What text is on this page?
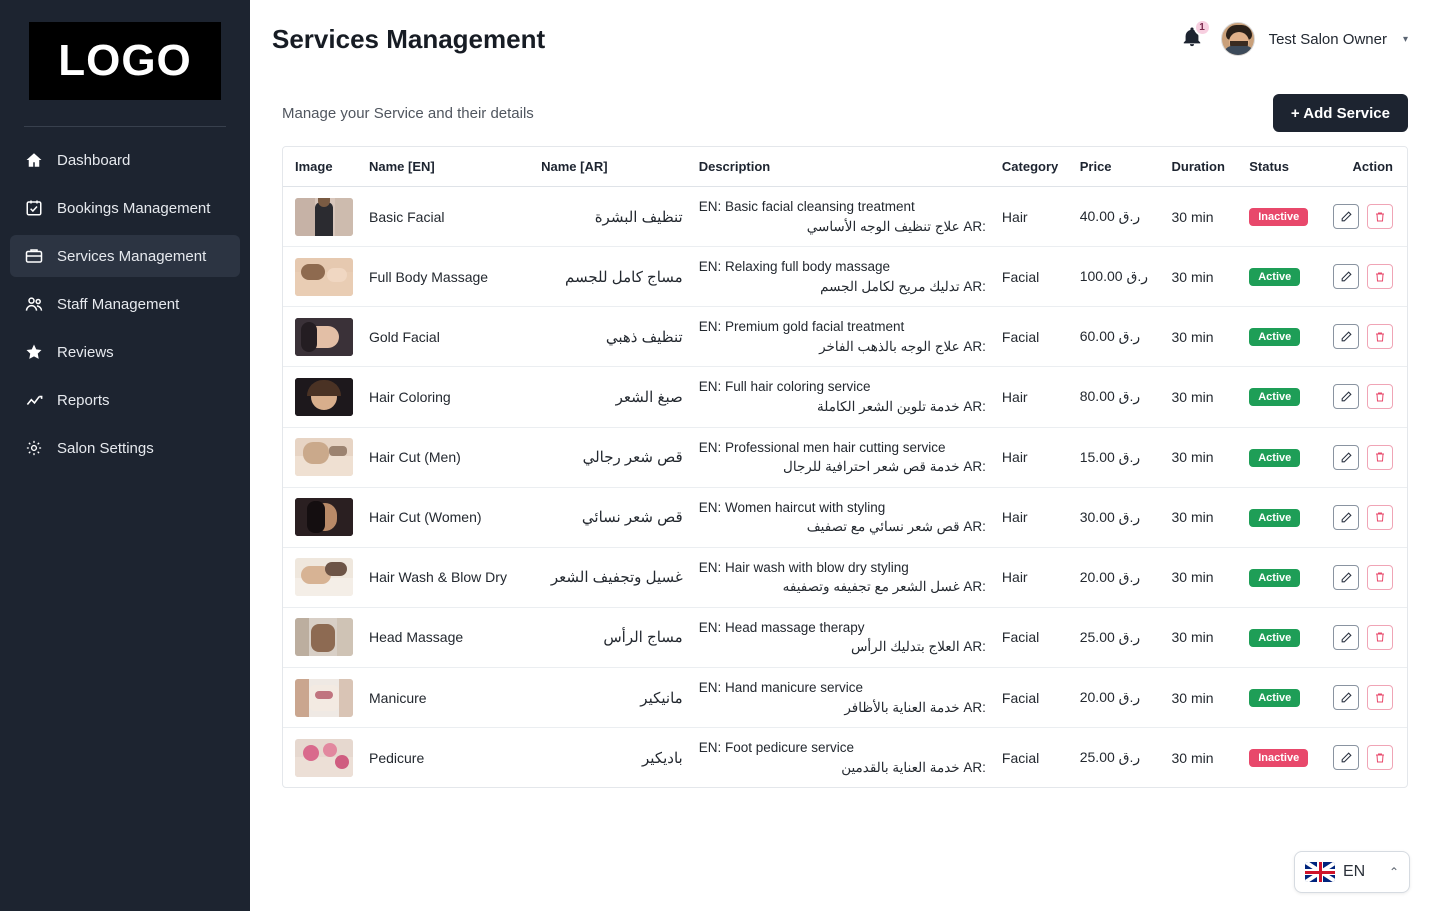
LOGO
Dashboard
Bookings Management
Services Management
Staff Management
Reviews
Reports
Salon Settings
Services Management	1
Test Salon Owner ▾
Manage your Service and their details	+ Add Service
Image	Name [EN]	Name [AR]	Description	Category	Price	Duration	Status	Action

	Basic Facial	تنظيف البشرة	EN: Basic facial cleansing treatment
AR: علاج تنظيف الوجه الأساسي	Hair	40.00 ر.ق	30 min	Inactive	

	Full Body Massage	مساج كامل للجسم	EN: Relaxing full body massage
AR: تدليك مريح لكامل الجسم	Facial	100.00 ر.ق	30 min	Active	

	Gold Facial	تنظيف ذهبي	EN: Premium gold facial treatment
AR: علاج الوجه بالذهب الفاخر	Facial	60.00 ر.ق	30 min	Active	

	Hair Coloring	صبغ الشعر	EN: Full hair coloring service
AR: خدمة تلوين الشعر الكاملة	Hair	80.00 ر.ق	30 min	Active	

	Hair Cut (Men)	قص شعر رجالي	EN: Professional men hair cutting service
AR: خدمة قص شعر احترافية للرجال	Hair	15.00 ر.ق	30 min	Active	

	Hair Cut (Women)	قص شعر نسائي	EN: Women haircut with styling
AR: قص شعر نسائي مع تصفيف	Hair	30.00 ر.ق	30 min	Active	

	Hair Wash & Blow Dry	غسيل وتجفيف الشعر	EN: Hair wash with blow dry styling
AR: غسل الشعر مع تجفيفه وتصفيفه	Hair	20.00 ر.ق	30 min	Active	

	Head Massage	مساج الرأس	EN: Head massage therapy
AR: العلاج بتدليك الرأس	Facial	25.00 ر.ق	30 min	Active	

	Manicure	مانيكير	EN: Hand manicure service
AR: خدمة العناية بالأظافر	Facial	20.00 ر.ق	30 min	Active	

	Pedicure	باديكير	EN: Foot pedicure service
AR: خدمة العناية بالقدمين	Facial	25.00 ر.ق	30 min	Inactive	
EN ⌃
